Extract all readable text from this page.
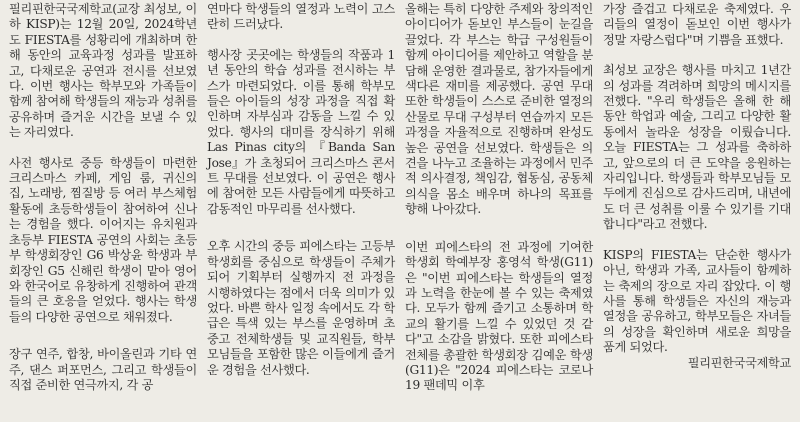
필리핀한국국제학교(교장 최성보, 이하 KISP)는 12월 20일, 2024학년도 FIESTA를 성황리에 개최하며 한 해 동안의 교육과정 성과를 발표하고, 다채로운 공연과 전시를 선보였다. 이번 행사는 학부모와 가족들이 함께 참여해 학생들의 재능과 성취를 공유하며 즐거운 시간을 보낼 수 있는 자리였다.

사전 행사로 중등 학생들이 마련한 크리스마스 카페, 게임 룸, 귀신의 집, 노래방, 찜질방 등 여러 부스체험 활동에 초등학생들이 참여하여 신나는 경험을 했다. 이어지는 유치원과 초등부 FIESTA 공연의 사회는 초등부 학생회장인 G6 박상윤 학생과 부회장인 G5 신해린 학생이 맡아 영어와 한국어로 유창하게 진행하여 관객들의 큰 호응을 얻었다. 행사는 학생들의 다양한 공연으로 채워졌다.

장구 연주, 합창, 바이올린과 기타 연주, 댄스 퍼포먼스, 그리고 학생들이 직접 준비한 연극까지, 각 공

연마다 학생들의 열정과 노력이 고스란히 드러났다.

행사장 곳곳에는 학생들의 작품과 1년 동안의 학습 성과를 전시하는 부스가 마련되었다. 이를 통해 학부모들은 아이들의 성장 과정을 직접 확인하며 자부심과 감동을 느낄 수 있었다. 행사의 대미를 장식하기 위해 Las Pinas city의 『Banda San Jose』가 초청되어 크리스마스 콘서트 무대를 선보였다. 이 공연은 행사에 참여한 모든 사람들에게 따뜻하고 감동적인 마무리를 선사했다.

오후 시간의 중등 피에스타는 고등부 학생회를 중심으로 학생들이 주체가 되어 기획부터 실행까지 전 과정을 시행하였다는 점에서 더욱 의미가 있었다. 바쁜 학사 일정 속에서도 각 학급은 특색 있는 부스를 운영하며 초중고 전체학생들 및 교직원들, 학부모님들을 포함한 많은 이들에게 즐거운 경험을 선사했다.

올해는 특히 다양한 주제와 창의적인 아이디어가 돋보인 부스들이 눈길을 끌었다. 각 부스는 학급 구성원들이 함께 아이디어를 제안하고 역할을 분담해 운영한 결과물로, 참가자들에게 색다른 재미를 제공했다. 공연 무대 또한 학생들이 스스로 준비한 열정의 산물로 무대 구성부터 연습까지 모든 과정을 자율적으로 진행하며 완성도 높은 공연을 선보였다. 학생들은 의견을 나누고 조율하는 과정에서 민주적 의사결정, 책임감, 협동심, 공동체 의식을 몸소 배우며 하나의 목표를 향해 나아갔다.

이번 피에스타의 전 과정에 기여한 학생회 학예부장 홍영석 학생(G11)은 "이번 피에스타는 학생들의 열정과 노력을 한눈에 볼 수 있는 축제였다. 모두가 함께 즐기고 소통하며 학교의 활기를 느낄 수 있었던 것 같다"고 소감을 밝혔다. 또한 피에스타 전체를 총괄한 학생회장 김예운 학생(G11)은 "2024 피에스타는 코로나19 팬데믹 이후

가장 즐겁고 다채로운 축제였다. 우리들의 열정이 돋보인 이번 행사가 정말 자랑스럽다"며 기쁨을 표했다.

최성보 교장은 행사를 마치고 1년간의 성과를 격려하며 희망의 메시지를 전했다. "우리 학생들은 올해 한 해 동안 학업과 예술, 그리고 다양한 활동에서 놀라운 성장을 이뤘습니다. 오늘 FIESTA는 그 성과를 축하하고, 앞으로의 더 큰 도약을 응원하는 자리입니다. 학생들과 학부모님들 모두에게 진심으로 감사드리며, 내년에도 더 큰 성취를 이룰 수 있기를 기대합니다"라고 전했다.

KISP의 FIESTA는 단순한 행사가 아닌, 학생과 가족, 교사들이 함께하는 축제의 장으로 자리 잡았다. 이 행사를 통해 학생들은 자신의 재능과 열정을 공유하고, 학부모들은 자녀들의 성장을 확인하며 새로운 희망을 품게 되었다.

필리핀한국국제학교
